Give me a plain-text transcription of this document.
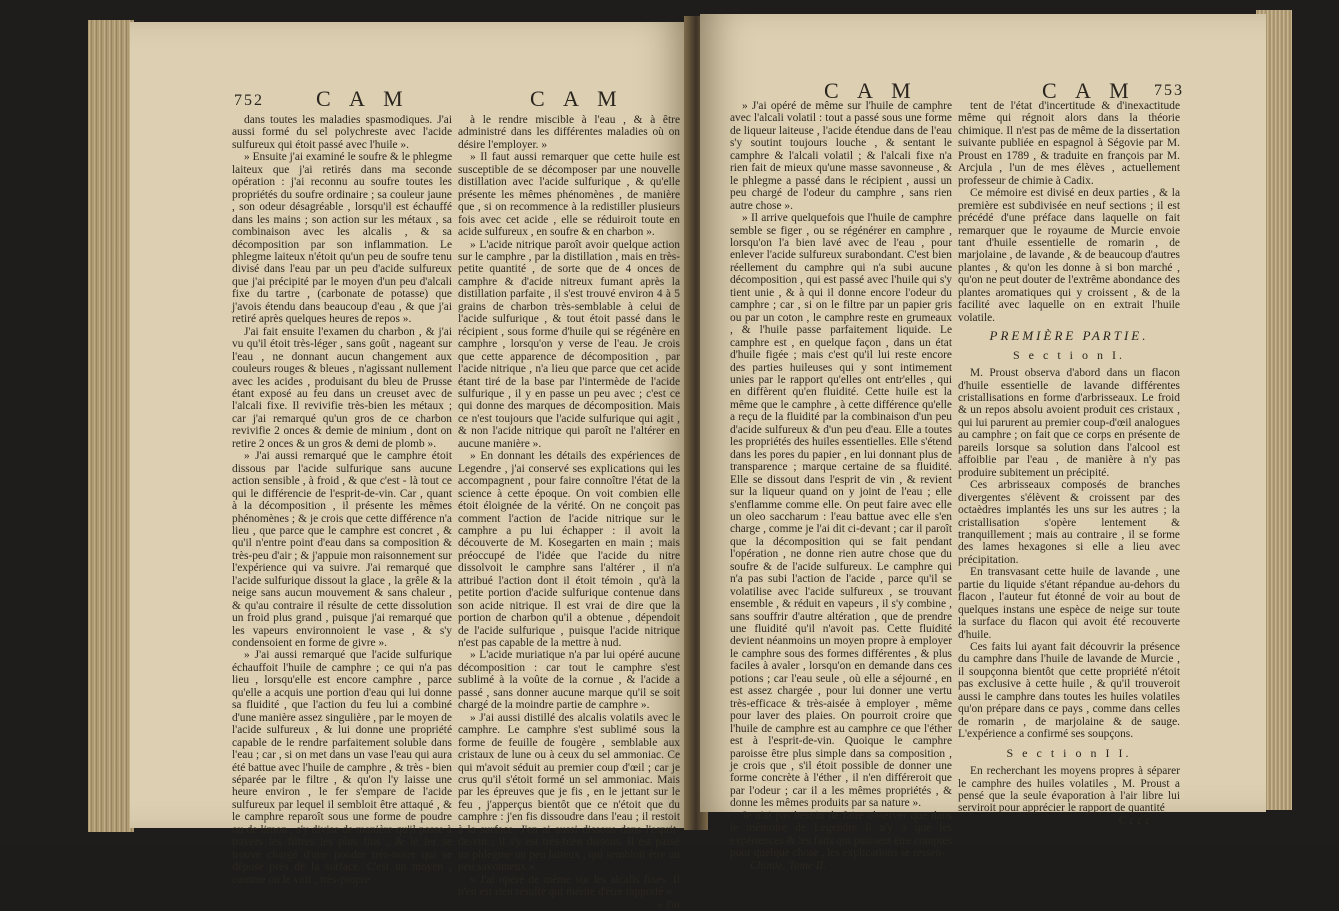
752 C A M	C A M

dans toutes les maladies spasmodiques. J'ai aussi formé du sel polychreste avec l'acide sulfureux qui étoit passé avec l'huile ».

» Ensuite j'ai examiné le soufre & le phlegme laiteux que j'ai retirés dans ma seconde opération : j'ai reconnu au soufre toutes les propriétés du soufre ordinaire ; sa couleur jaune , son odeur désagréable , lorsqu'il est échauffé dans les mains ; son action sur les métaux , sa combinaison avec les alcalis , & sa décomposition par son inflammation. Le phlegme laiteux n'étoit qu'un peu de soufre tenu divisé dans l'eau par un peu d'acide sulfureux que j'ai précipité par le moyen d'un peu d'alcali fixe du tartre , (carbonate de potasse) que j'avois étendu dans beaucoup d'eau , & que j'ai retiré après quelques heures de repos ».

J'ai fait ensuite l'examen du charbon , & j'ai vu qu'il étoit très-léger , sans goût , nageant sur l'eau , ne donnant aucun changement aux couleurs rouges & bleues , n'agissant nullement avec les acides , produisant du bleu de Prusse étant exposé au feu dans un creuset avec de l'alcali fixe. Il revivifie très-bien les métaux ; car j'ai remarqué qu'un gros de ce charbon revivifie 2 onces & demie de minium , dont on retire 2 onces & un gros & demi de plomb ».

» J'ai aussi remarqué que le camphre étoit dissous par l'acide sulfurique sans aucune action sensible , à froid , & que c'est - là tout ce qui le différencie de l'esprit-de-vin. Car , quant à la décomposition , il présente les mêmes phénomènes ; & je crois que cette différence n'a lieu , que parce que le camphre est concret , & qu'il n'entre point d'eau dans sa composition & très-peu d'air ; & j'appuie mon raisonnement sur l'expérience qui va suivre. J'ai remarqué que l'acide sulfurique dissout la glace , la grêle & la neige sans aucun mouvement & sans chaleur , & qu'au contraire il résulte de cette dissolution un froid plus grand , puisque j'ai remarqué que les vapeurs environnoient le vase , & s'y condensoient en forme de givre ».

» J'ai aussi remarqué que l'acide sulfurique échauffoit l'huile de camphre ; ce qui n'a pas lieu , lorsqu'elle est encore camphre , parce qu'elle a acquis une portion d'eau qui lui donne sa fluidité , que l'action du feu lui a combiné d'une manière assez singulière , par le moyen de l'acide sulfureux , & lui donne une propriété capable de le rendre parfaitement soluble dans l'eau ; car , si on met dans un vase l'eau qui aura été battue avec l'huile de camphre , & très - bien séparée par le filtre , & qu'on l'y laisse une heure environ , le fer s'empare de l'acide sulfureux par lequel il sembloit être attaqué , & le camphre reparoît sous une forme de poudre ou de limon , s'y divise de manière qu'il passe à travers les filtres les plus fins , & le fer se trouve chargé d'une poudre très-noire qui se dépose près de la surface. C'est un moyen , comme on le voit , très-propre

à le rendre miscible à l'eau , & à être administré dans les différentes maladies où on désire l'employer. »

» Il faut aussi remarquer que cette huile est susceptible de se décomposer par une nouvelle distillation avec l'acide sulfurique , & qu'elle présente les mêmes phénomènes , de manière que , si on recommence à la redistiller plusieurs fois avec cet acide , elle se réduiroit toute en acide sulfureux , en soufre & en charbon ».

» L'acide nitrique paroît avoir quelque action sur le camphre , par la distillation , mais en très-petite quantité , de sorte que de 4 onces de camphre & d'acide nitreux fumant après la distillation parfaite , il s'est trouvé environ 4 à 5 grains de charbon très-semblable à celui de l'acide sulfurique , & tout étoit passé dans le récipient , sous forme d'huile qui se régénère en camphre , lorsqu'on y verse de l'eau. Je crois que cette apparence de décomposition , par l'acide nitrique , n'a lieu que parce que cet acide étant tiré de la base par l'intermède de l'acide sulfurique , il y en passe un peu avec ; c'est ce qui donne des marques de décomposition. Mais ce n'est toujours que l'acide sulfurique qui agit , & non l'acide nitrique qui paroît ne l'altérer en aucune manière ».

» En donnant les détails des expériences de Legendre , j'ai conservé ses explications qui les accompagnent , pour faire connoître l'état de la science à cette époque. On voit combien elle étoit éloignée de la vérité. On ne conçoit pas comment l'action de l'acide nitrique sur le camphre a pu lui échapper : il avoit la découverte de M. Kosegarten en main ; mais préoccupé de l'idée que l'acide du nitre dissolvoit le camphre sans l'altérer , il n'a attribué l'action dont il étoit témoin , qu'à la petite portion d'acide sulfurique contenue dans son acide nitrique. Il est vrai de dire que la portion de charbon qu'il a obtenue , dépendoit de l'acide sulfurique , puisque l'acide nitrique n'est pas capable de la mettre à nud.

» L'acide muriatique n'a par lui opéré aucune décomposition : car tout le camphre s'est sublimé à la voûte de la cornue , & l'acide a passé , sans donner aucune marque qu'il se soit chargé de la moindre partie de camphre ».

» J'ai aussi distillé des alcalis volatils avec le camphre. Le camphre s'est sublimé sous la forme de feuille de fougère , semblable aux cristaux de lune ou à ceux du sel ammoniac. Ce qui m'avoit séduit au premier coup d'œil ; car je crus qu'il s'étoit formé un sel ammoniac. Mais par les épreuves que je fis , en le jettant sur le feu , j'apperçus bientôt que ce n'étoit que du camphre : j'en fis dissoudre dans l'eau ; il restoit à la surface. J'en ai aussi dissous dans l'esprit-de-vin ; il s'y est très-bien dissous. Il est passé un phlegme un peu laiteux , qui sembloit être un peu savonneux ».

» J'ai opéré de même sur les alcalis fixes. Il n'en est rien résulté qui mérite d'être rapporté ».

» J'ai

C A M	C A M 753

» J'ai opéré de même sur l'huile de camphre avec l'alcali volatil : tout a passé sous une forme de liqueur laiteuse , l'acide étendue dans de l'eau s'y soutint toujours louche , & sentant le camphre & l'alcali volatil ; & l'alcali fixe n'a rien fait de mieux qu'une masse savonneuse , & le phlegme a passé dans le récipient , aussi un peu chargé de l'odeur du camphre , sans rien autre chose ».

» Il arrive quelquefois que l'huile de camphre semble se figer , ou se régénérer en camphre , lorsqu'on l'a bien lavé avec de l'eau , pour enlever l'acide sulfureux surabondant. C'est bien réellement du camphre qui n'a subi aucune décomposition , qui est passé avec l'huile qui s'y tient unie , & à qui il donne encore l'odeur du camphre ; car , si on le filtre par un papier gris ou par un coton , le camphre reste en grumeaux , & l'huile passe parfaitement liquide. Le camphre est , en quelque façon , dans un état d'huile figée ; mais c'est qu'il lui reste encore des parties huileuses qui y sont intimement unies par le rapport qu'elles ont entr'elles , qui en diffèrent qu'en fluidité. Cette huile est la même que le camphre , à cette différence qu'elle a reçu de la fluidité par la combinaison d'un peu d'acide sulfureux & d'un peu d'eau. Elle a toutes les propriétés des huiles essentielles. Elle s'étend dans les pores du papier , en lui donnant plus de transparence ; marque certaine de sa fluidité. Elle se dissout dans l'esprit de vin , & revient sur la liqueur quand on y joint de l'eau ; elle s'enflamme comme elle. On peut faire avec elle un oleo saccharum : l'eau battue avec elle s'en charge , comme je l'ai dit ci-devant ; car il paroît que la décomposition qui se fait pendant l'opération , ne donne rien autre chose que du soufre & de l'acide sulfureux. Le camphre qui n'a pas subi l'action de l'acide , parce qu'il se volatilise avec l'acide sulfureux , se trouvant ensemble , & réduit en vapeurs , il s'y combine , sans souffrir d'autre altération , que de prendre une fluidité qu'il n'avoit pas. Cette fluidité devient néanmoins un moyen propre à employer le camphre sous des formes différentes , & plus faciles à avaler , lorsqu'on en demande dans ces potions ; car l'eau seule , où elle a séjourné , en est assez chargée , pour lui donner une vertu très-efficace & très-aisée à employer , même pour laver des plaies. On pourroit croire que l'huile de camphre est au camphre ce que l'éther est à l'esprit-de-vin. Quoique le camphre paroisse être plus simple dans sa composition , je crois que , s'il étoit possible de donner une forme concrète à l'éther , il n'en différeroit que par l'odeur ; car il a les mêmes propriétés , & donne les mêmes produits par sa nature ».

Je n'ai pas besoin de faire observer que dans le mémoire de Legendre il n'y a que les expériences & les faits qui puissent être comptés pour quelque chose , les explications se ressen-

Chimie. Tome II.

tent de l'état d'incertitude & d'inexactitude même qui régnoit alors dans la théorie chimique. Il n'est pas de même de la dissertation suivante publiée en espagnol à Ségovie par M. Proust en 1789 , & traduite en françois par M. Arcjula , l'un de mes élèves , actuellement professeur de chimie à Cadix.

Ce mémoire est divisé en deux parties , & la première est subdivisée en neuf sections ; il est précédé d'une préface dans laquelle on fait remarquer que le royaume de Murcie envoie tant d'huile essentielle de romarin , de marjolaine , de lavande , & de beaucoup d'autres plantes , & qu'on les donne à si bon marché , qu'on ne peut douter de l'extrême abondance des plantes aromatiques qui y croissent , & de la facilité avec laquelle on en extrait l'huile volatile.

PREMIÈRE PARTIE.

S e c t i o n I.

M. Proust observa d'abord dans un flacon d'huile essentielle de lavande différentes cristallisations en forme d'arbrisseaux. Le froid & un repos absolu avoient produit ces cristaux , qui lui parurent au premier coup-d'œil analogues au camphre ; on fait que ce corps en présente de pareils lorsque sa solution dans l'alcool est affoiblie par l'eau , de manière à n'y pas produire subitement un précipité.

Ces arbrisseaux composés de branches divergentes s'élèvent & croissent par des octaèdres implantés les uns sur les autres ; la cristallisation s'opère lentement & tranquillement ; mais au contraire , il se forme des lames hexagones si elle a lieu avec précipitation.

En transvasant cette huile de lavande , une partie du liquide s'étant répandue au-dehors du flacon , l'auteur fut étonné de voir au bout de quelques instans une espèce de neige sur toute la surface du flacon qui avoit été recouverte d'huile.

Ces faits lui ayant fait découvrir la présence du camphre dans l'huile de lavande de Murcie , il soupçonna bientôt que cette propriété n'étoit pas exclusive à cette huile , & qu'il trouveroit aussi le camphre dans toutes les huiles volatiles qu'on prépare dans ce pays , comme dans celles de romarin , de marjolaine & de sauge. L'expérience a confirmé ses soupçons.

S e c t i o n I I.

En recherchant les moyens propres à séparer le camphre des huiles volatiles , M. Proust a pensé que la seule évaporation à l'air libre lui serviroit pour apprécier le rapport de quantité

C c c c
